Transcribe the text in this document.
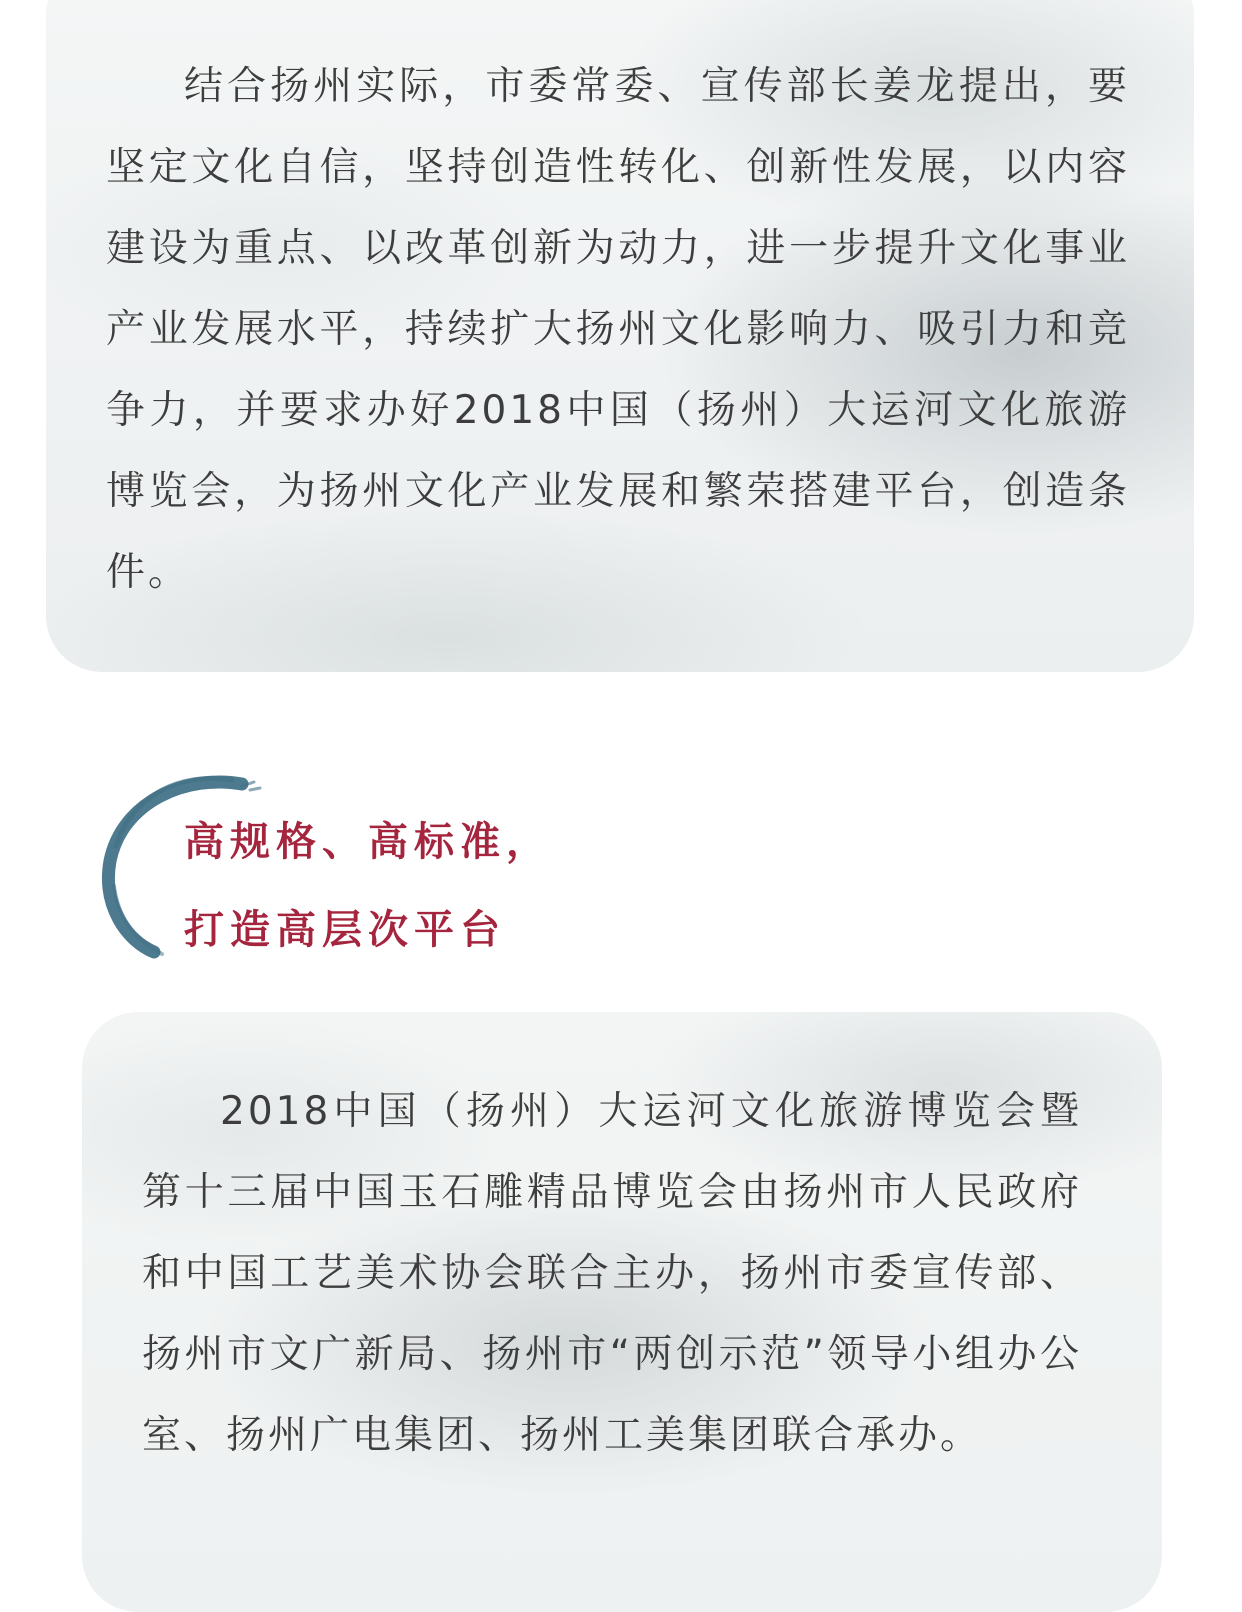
结合扬州实际，市委常委、宣传部长姜龙提出，要坚定文化自信，坚持创造性转化、创新性发展，以内容建设为重点、以改革创新为动力，进一步提升文化事业产业发展水平，持续扩大扬州文化影响力、吸引力和竞争力，并要求办好2018中国（扬州）大运河文化旅游博览会，为扬州文化产业发展和繁荣搭建平台，创造条件。

高规格、高标准，
打造高层次平台

2018中国（扬州）大运河文化旅游博览会暨第十三届中国玉石雕精品博览会由扬州市人民政府和中国工艺美术协会联合主办，扬州市委宣传部、扬州市文广新局、扬州市“两创示范”领导小组办公室、扬州广电集团、扬州工美集团联合承办。
